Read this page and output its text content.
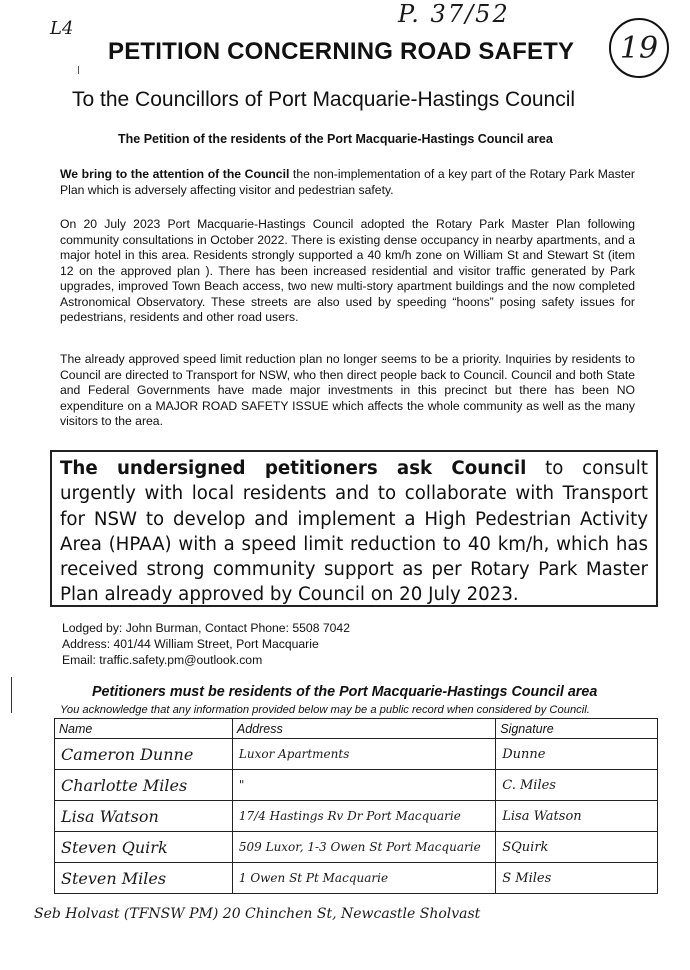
L4
P. 37/52
19
PETITION CONCERNING ROAD SAFETY
To the Councillors of Port Macquarie-Hastings Council
The Petition of the residents of the Port Macquarie-Hastings Council area
We bring to the attention of the Council the non-implementation of a key part of the Rotary Park Master Plan which is adversely affecting visitor and pedestrian safety.
On 20 July 2023 Port Macquarie-Hastings Council adopted the Rotary Park Master Plan following community consultations in October 2022. There is existing dense occupancy in nearby apartments, and a major hotel in this area. Residents strongly supported a 40 km/h zone on William St and Stewart St (item 12 on the approved plan ). There has been increased residential and visitor traffic generated by Park upgrades, improved Town Beach access, two new multi-story apartment buildings and the now completed Astronomical Observatory. These streets are also used by speeding “hoons” posing safety issues for pedestrians, residents and other road users.
The already approved speed limit reduction plan no longer seems to be a priority. Inquiries by residents to Council are directed to Transport for NSW, who then direct people back to Council. Council and both State and Federal Governments have made major investments in this precinct but there has been NO expenditure on a MAJOR ROAD SAFETY ISSUE which affects the whole community as well as the many visitors to the area.
The undersigned petitioners ask Council to consult urgently with local residents and to collaborate with Transport for NSW to develop and implement a High Pedestrian Activity Area (HPAA) with a speed limit reduction to 40 km/h, which has received strong community support as per Rotary Park Master Plan already approved by Council on 20 July 2023.
Lodged by: John Burman, Contact Phone: 5508 7042
Address: 401/44 William Street, Port Macquarie
Email: traffic.safety.pm@outlook.com
Petitioners must be residents of the Port Macquarie-Hastings Council area
You acknowledge that any information provided below may be a public record when considered by Council.
Name	Address	Signature
Cameron Dunne	Luxor Apartments	Dunne
Charlotte Miles	"	C. Miles
Lisa Watson	17/4 Hastings Rv Dr Port Macquarie	Lisa Watson
Steven Quirk	509 Luxor, 1-3 Owen St Port Macquarie	SQuirk
Steven Miles	1 Owen St Pt Macquarie	S Miles
Seb Holvast (TFNSW PM) 20 Chinchen St, Newcastle Sholvast
